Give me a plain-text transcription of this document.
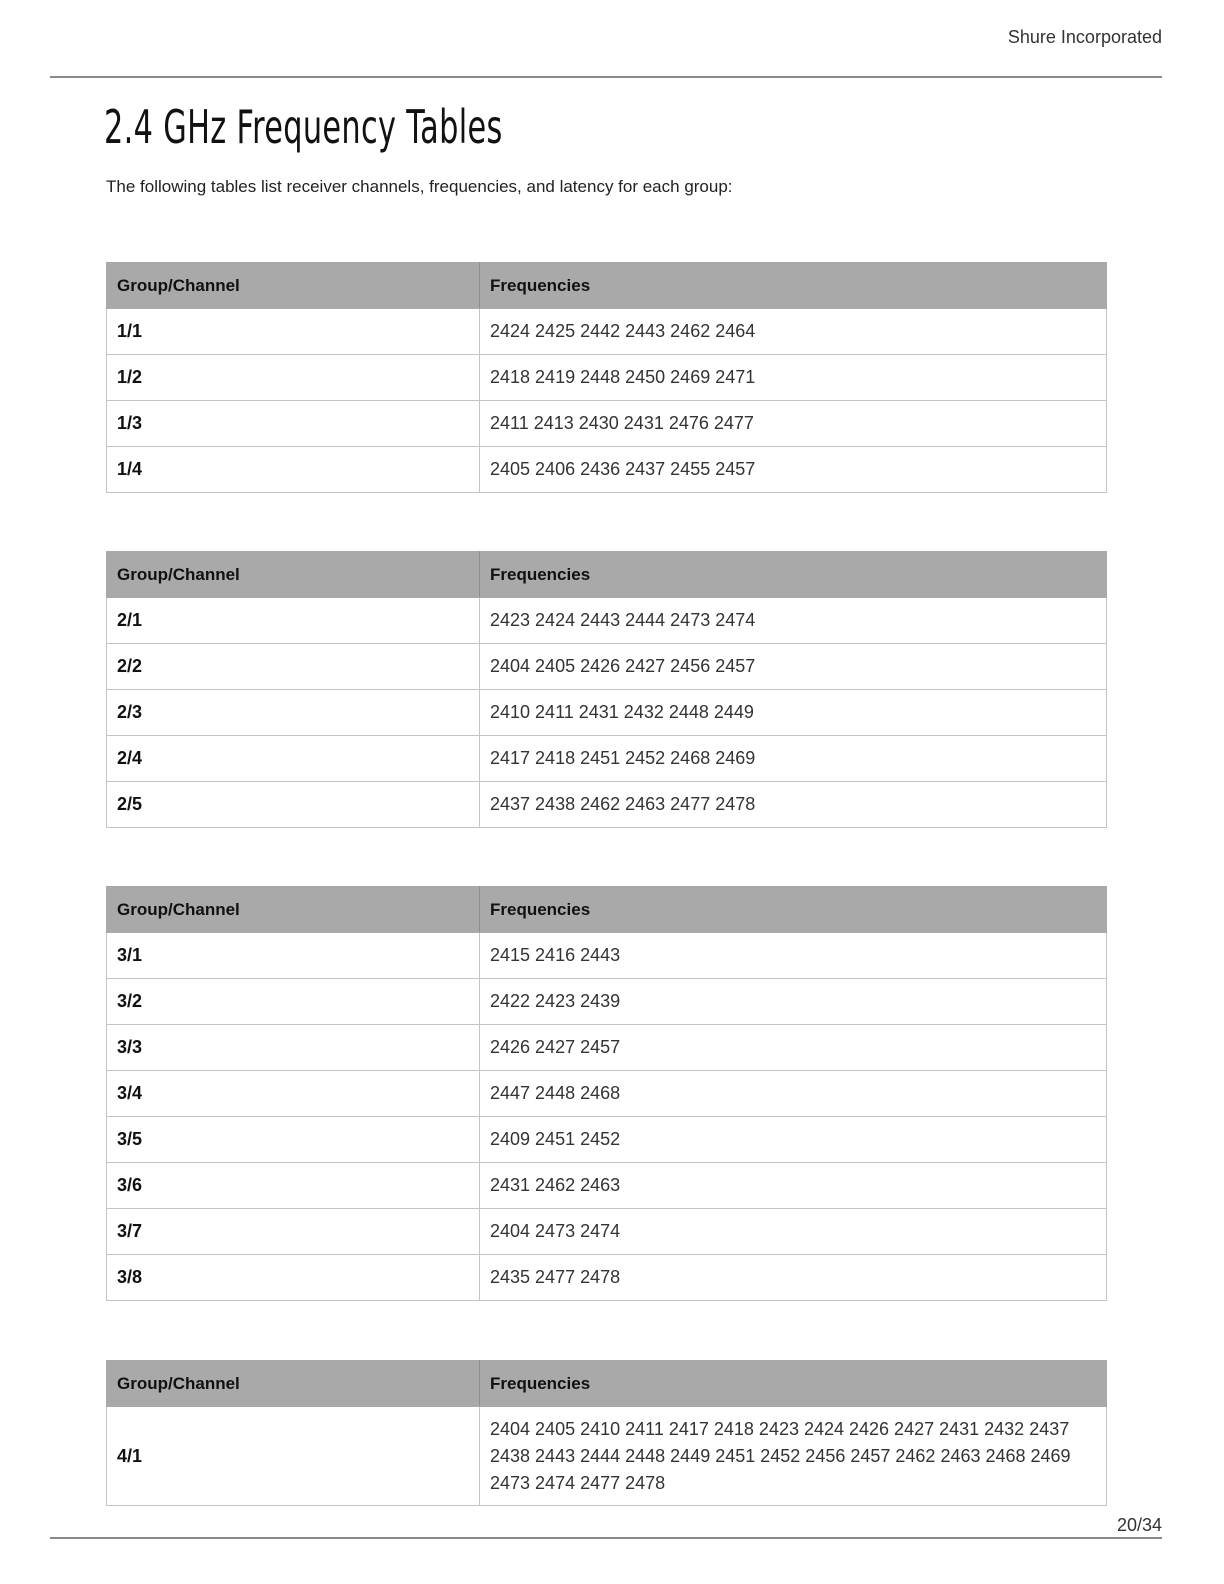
Shure Incorporated
2.4 GHz Frequency Tables
The following tables list receiver channels, frequencies, and latency for each group:
Group/Channel	Frequencies
1/1	2424 2425 2442 2443 2462 2464
1/2	2418 2419 2448 2450 2469 2471
1/3	2411 2413 2430 2431 2476 2477
1/4	2405 2406 2436 2437 2455 2457
Group/Channel	Frequencies
2/1	2423 2424 2443 2444 2473 2474
2/2	2404 2405 2426 2427 2456 2457
2/3	2410 2411 2431 2432 2448 2449
2/4	2417 2418 2451 2452 2468 2469
2/5	2437 2438 2462 2463 2477 2478
Group/Channel	Frequencies
3/1	2415 2416 2443
3/2	2422 2423 2439
3/3	2426 2427 2457
3/4	2447 2448 2468
3/5	2409 2451 2452
3/6	2431 2462 2463
3/7	2404 2473 2474
3/8	2435 2477 2478
Group/Channel	Frequencies
4/1	2404 2405 2410 2411 2417 2418 2423 2424 2426 2427 2431 2432 2437 2438 2443 2444 2448 2449 2451 2452 2456 2457 2462 2463 2468 2469 2473 2474 2477 2478
20/34
